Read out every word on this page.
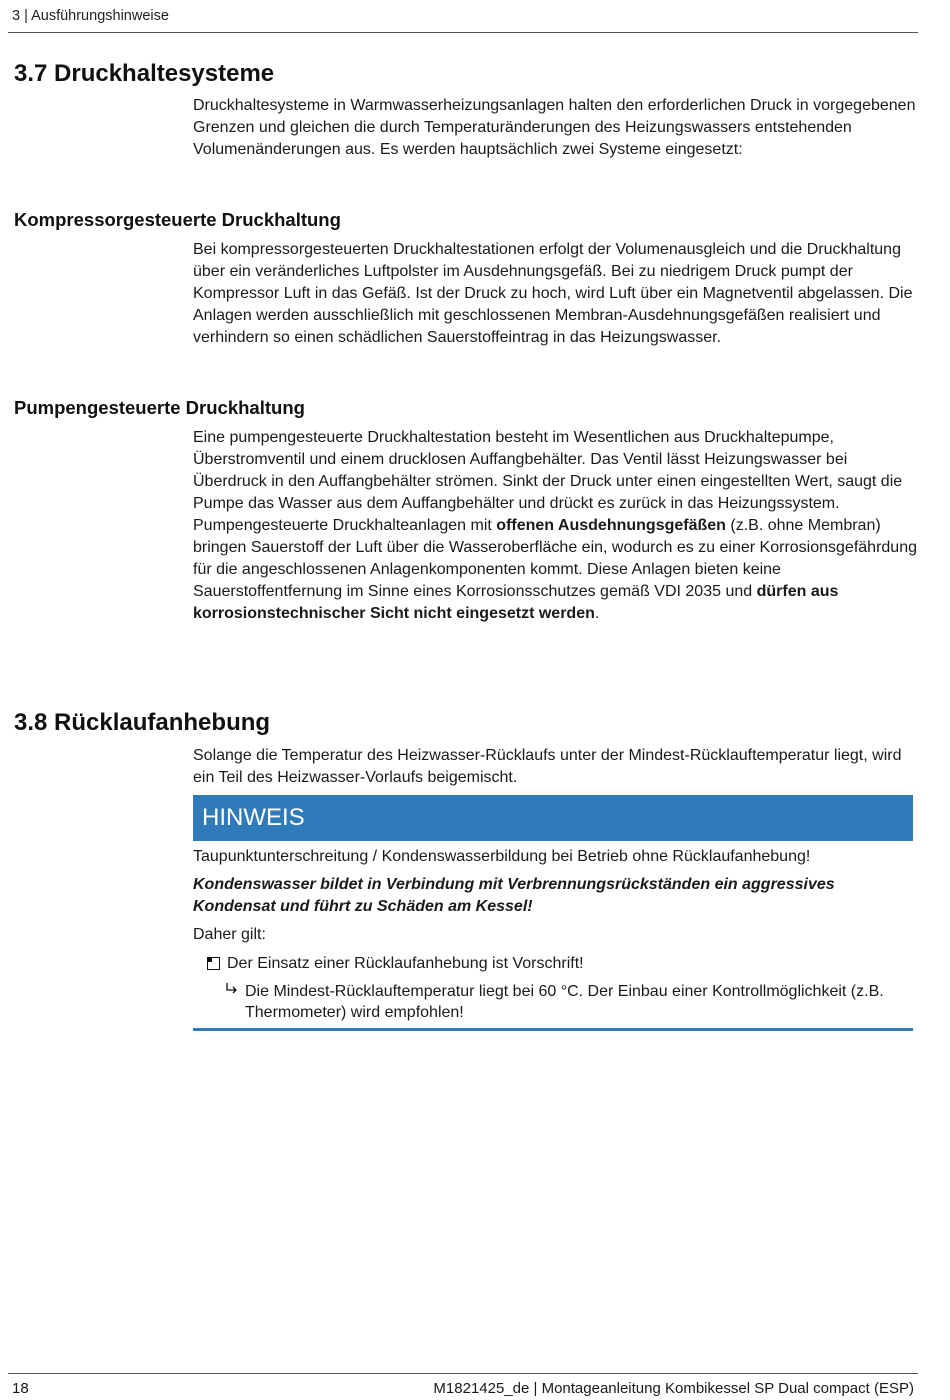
3 | Ausführungshinweise
3.7 Druckhaltesysteme

Druckhaltesysteme in Warmwasserheizungsanlagen halten den erforderlichen Druck in vorgegebenen Grenzen und gleichen die durch Temperaturänderungen des Heizungswassers entstehenden Volumenänderungen aus. Es werden hauptsächlich zwei Systeme eingesetzt:

Kompressorgesteuerte Druckhaltung

Bei kompressorgesteuerten Druckhaltestationen erfolgt der Volumenausgleich und die Druckhaltung über ein veränderliches Luftpolster im Ausdehnungsgefäß. Bei zu niedrigem Druck pumpt der Kompressor Luft in das Gefäß. Ist der Druck zu hoch, wird Luft über ein Magnetventil abgelassen. Die Anlagen werden ausschließlich mit geschlossenen Membran-Ausdehnungsgefäßen realisiert und verhindern so einen schädlichen Sauerstoffeintrag in das Heizungswasser.

Pumpengesteuerte Druckhaltung

Eine pumpengesteuerte Druckhaltestation besteht im Wesentlichen aus Druckhaltepumpe, Überstromventil und einem drucklosen Auffangbehälter. Das Ventil lässt Heizungswasser bei Überdruck in den Auffangbehälter strömen. Sinkt der Druck unter einen eingestellten Wert, saugt die Pumpe das Wasser aus dem Auffangbehälter und drückt es zurück in das Heizungssystem. Pumpengesteuerte Druckhalteanlagen mit offenen Ausdehnungsgefäßen (z.B. ohne Membran) bringen Sauerstoff der Luft über die Wasseroberfläche ein, wodurch es zu einer Korrosionsgefährdung für die angeschlossenen Anlagenkomponenten kommt. Diese Anlagen bieten keine Sauerstoffentfernung im Sinne eines Korrosionsschutzes gemäß VDI 2035 und dürfen aus korrosionstechnischer Sicht nicht eingesetzt werden.

3.8 Rücklaufanhebung

Solange die Temperatur des Heizwasser-Rücklaufs unter der Mindest-Rücklauftemperatur liegt, wird ein Teil des Heizwasser-Vorlaufs beigemischt.

HINWEIS
Taupunktunterschreitung / Kondenswasserbildung bei Betrieb ohne Rücklaufanhebung!
Kondenswasser bildet in Verbindung mit Verbrennungsrückständen ein aggressives Kondensat und führt zu Schäden am Kessel!
Daher gilt:
Der Einsatz einer Rücklaufanhebung ist Vorschrift!
Die Mindest-Rücklauftemperatur liegt bei 60 °C. Der Einbau einer Kontrollmöglichkeit (z.B. Thermometer) wird empfohlen!
18	M1821425_de | Montageanleitung Kombikessel SP Dual compact (ESP)
